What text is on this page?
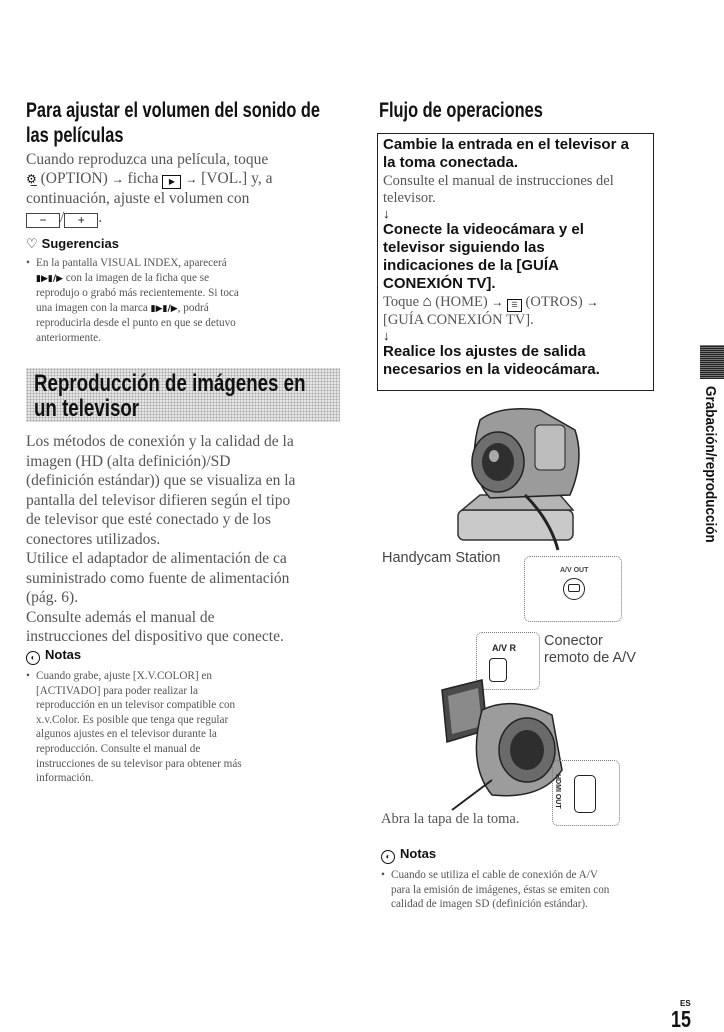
Para ajustar el volumen del sonido de
las películas
Cuando reproduzca una película, toque
⚙̲ (OPTION) → ficha ▶ → [VOL.] y, a
continuación, ajuste el volumen con
− / + .
♡ Sugerencias
• En la pantalla VISUAL INDEX, aparecerá
▮▶▮/▶ con la imagen de la ficha que se
reprodujo o grabó más recientemente. Si toca
una imagen con la marca ▮▶▮/▶, podrá
reproducirla desde el punto en que se detuvo
anteriormente.
Reproducción de imágenes en
un televisor
Los métodos de conexión y la calidad de la
imagen (HD (alta definición)/SD
(definición estándar)) que se visualiza en la
pantalla del televisor difieren según el tipo
de televisor que esté conectado y de los
conectores utilizados.
Utilice el adaptador de alimentación de ca
suministrado como fuente de alimentación
(pág. 6).
Consulte además el manual de
instrucciones del dispositivo que conecte.
◐ Notas
• Cuando grabe, ajuste [X.V.COLOR] en
[ACTIVADO] para poder realizar la
reproducción en un televisor compatible con
x.v.Color. Es posible que tenga que regular
algunos ajustes en el televisor durante la
reproducción. Consulte el manual de
instrucciones de su televisor para obtener más
información.
Flujo de operaciones
Cambie la entrada en el televisor a
la toma conectada.
Consulte el manual de instrucciones del
televisor.
↓
Conecte la videocámara y el
televisor siguiendo las
indicaciones de la [GUÍA
CONEXIÓN TV].
Toque ⌂ (HOME) → ☰ (OTROS) →
[GUÍA CONEXIÓN TV].
↓
Realice los ajustes de salida
necesarios en la videocámara.
Handycam Station
A/V OUT
A/V R Conector
remoto de A/V
HDMI OUT
Abra la tapa de la toma.
◐ Notas
• Cuando se utiliza el cable de conexión de A/V
para la emisión de imágenes, éstas se emiten con
calidad de imagen SD (definición estándar).
Grabación/reproducción
ES
15
